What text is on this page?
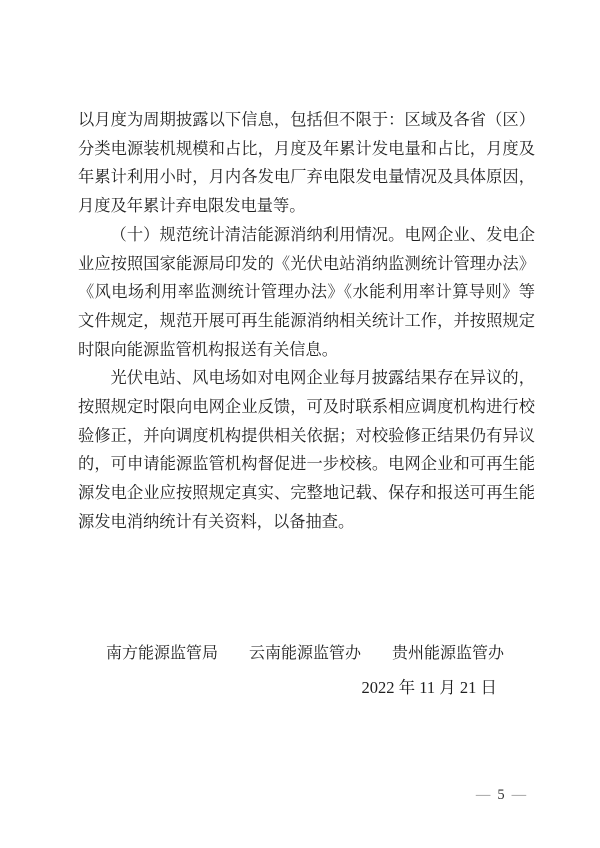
以月度为周期披露以下信息，包括但不限于：区域及各省（区）分类电源装机规模和占比，月度及年累计发电量和占比，月度及年累计利用小时，月内各发电厂弃电限发电量情况及具体原因，月度及年累计弃电限发电量等。

（十）规范统计清洁能源消纳利用情况。电网企业、发电企业应按照国家能源局印发的《光伏电站消纳监测统计管理办法》《风电场利用率监测统计管理办法》《水能利用率计算导则》等文件规定，规范开展可再生能源消纳相关统计工作，并按照规定时限向能源监管机构报送有关信息。

光伏电站、风电场如对电网企业每月披露结果存在异议的，按照规定时限向电网企业反馈，可及时联系相应调度机构进行校验修正，并向调度机构提供相关依据；对校验修正结果仍有异议的，可申请能源监管机构督促进一步校核。电网企业和可再生能源发电企业应按照规定真实、完整地记载、保存和报送可再生能源发电消纳统计有关资料，以备抽查。

南方能源监管局 云南能源监管办 贵州能源监管办
2022 年 11 月 21 日
— 5 —
